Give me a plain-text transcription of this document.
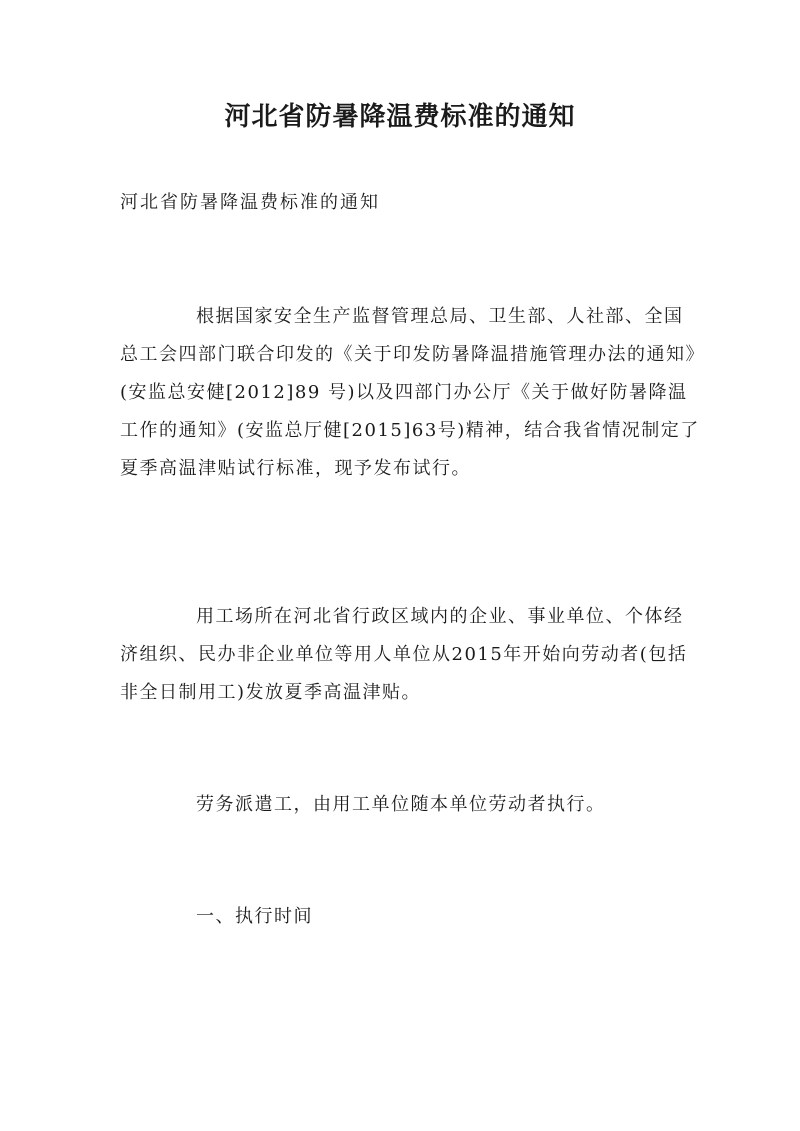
河北省防暑降温费标准的通知
河北省防暑降温费标准的通知

根据国家安全生产监督管理总局、卫生部、人社部、全国总工会四部门联合印发的《关于印发防暑降温措施管理办法的通知》(安监总安健[2012]89 号)以及四部门办公厅《关于做好防暑降温工作的通知》(安监总厅健[2015]63号)精神，结合我省情况制定了夏季高温津贴试行标准，现予发布试行。

用工场所在河北省行政区域内的企业、事业单位、个体经济组织、民办非企业单位等用人单位从2015年开始向劳动者(包括非全日制用工)发放夏季高温津贴。

劳务派遣工，由用工单位随本单位劳动者执行。

一、执行时间
